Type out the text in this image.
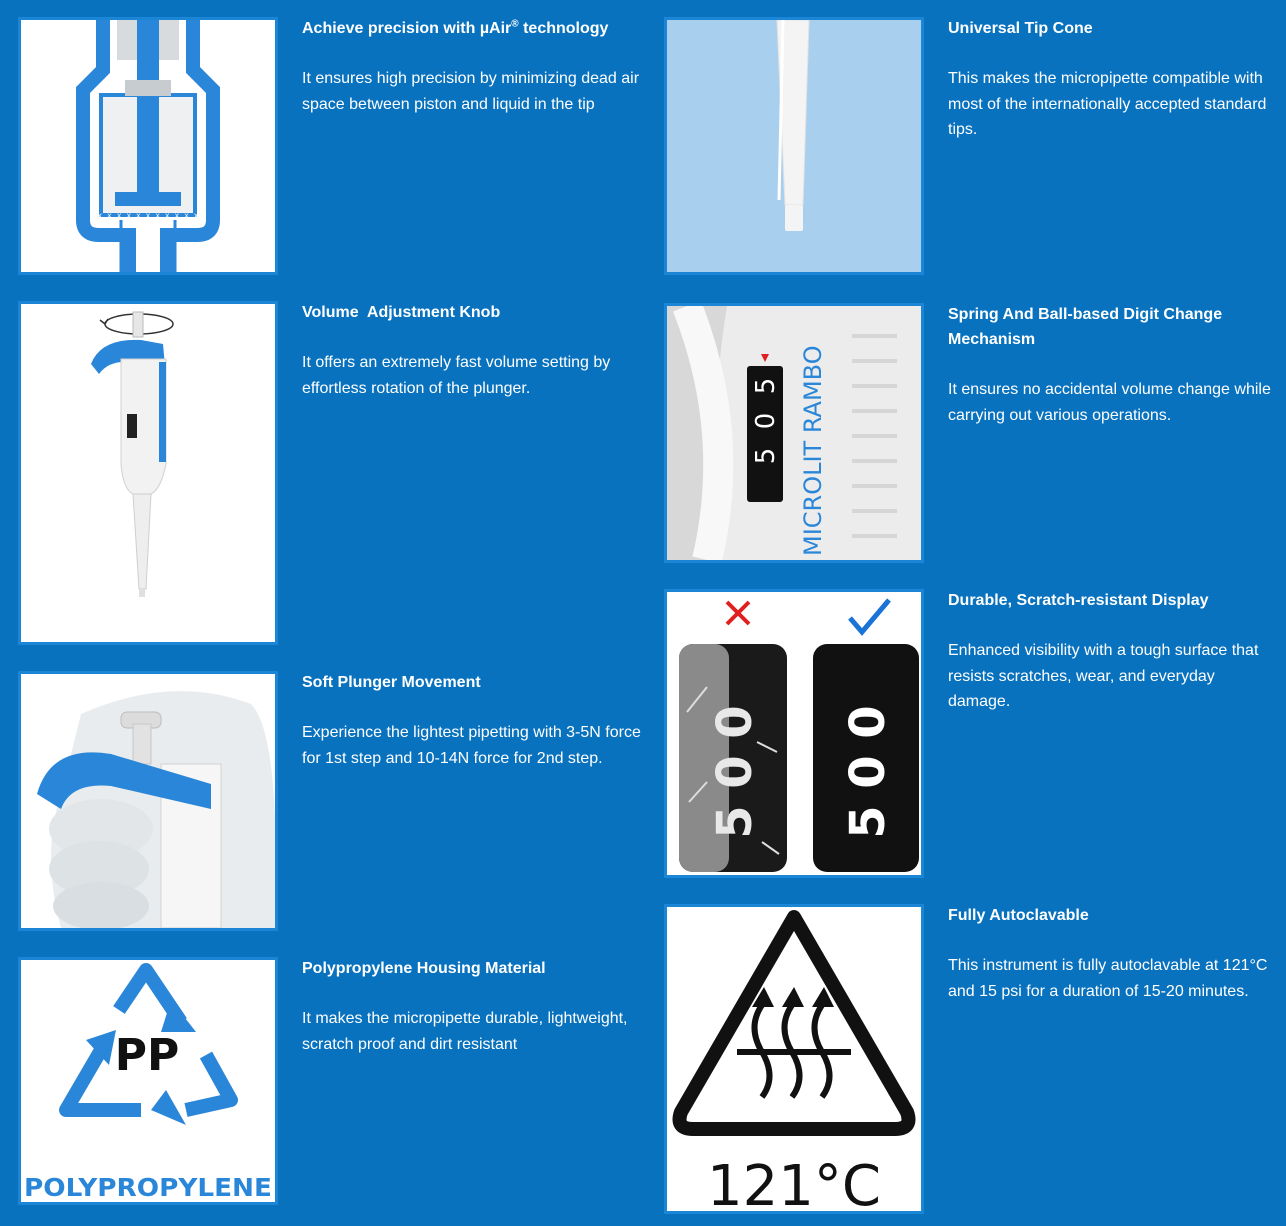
x x x x x x x x x x x
Achieve precision with µAir® technology

It ensures high precision by minimizing dead air space between piston and liquid in the tip

Universal Tip Cone

This makes the micropipette compatible with most of the internationally accepted standard tips.

Volume  Adjustment Knob

It offers an extremely fast volume setting by effortless rotation of the plunger.	MICROLIT RAMBO
5
0
5
Spring And Ball-based Digit Change Mechanism

It ensures no accidental volume change while carrying out various operations.

Soft Plunger Movement

Experience the lightest pipetting with 3-5N force for 1st step and 10-14N force for 2nd step.

0
0
5
0
0
5
Durable, Scratch-resistant Display

Enhanced visibility with a tough surface that resists scratches, wear, and everyday damage.

PP
POLYPROPYLENE
Polypropylene Housing Material

It makes the micropipette durable, lightweight, scratch proof and dirt resistant

121°C
Fully Autoclavable

This instrument is fully autoclavable at 121°C and 15 psi for a duration of 15-20 minutes.
